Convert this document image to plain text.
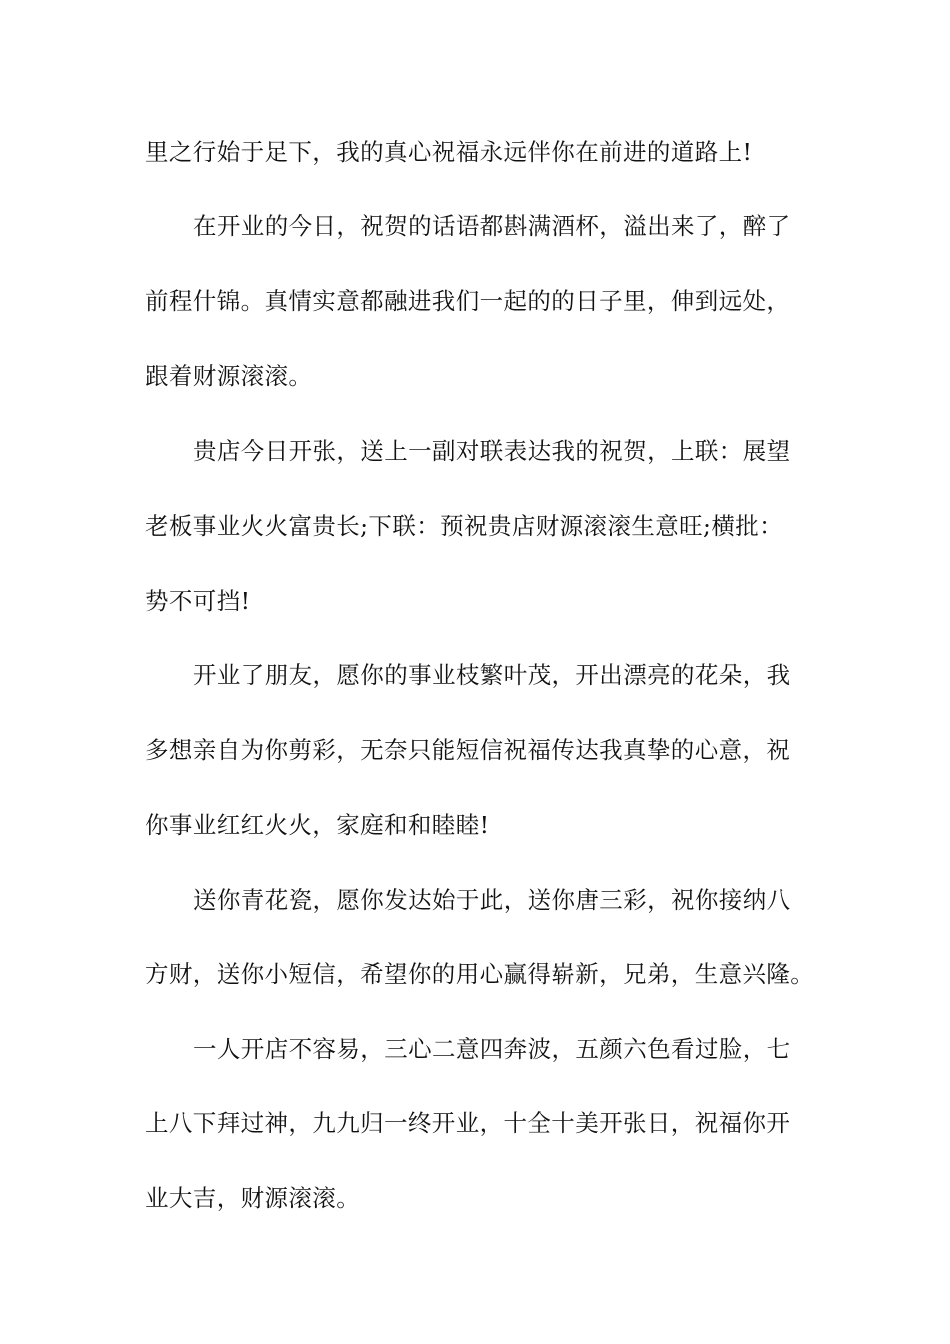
里之行始于足下，我的真心祝福永远伴你在前进的道路上!
在开业的今日，祝贺的话语都斟满酒杯，溢出来了，醉了
前程什锦。真情实意都融进我们一起的的日子里，伸到远处，
跟着财源滚滚。
贵店今日开张，送上一副对联表达我的祝贺，上联：展望
老板事业火火富贵长;下联：预祝贵店财源滚滚生意旺;横批：
势不可挡!
开业了朋友，愿你的事业枝繁叶茂，开出漂亮的花朵，我
多想亲自为你剪彩，无奈只能短信祝福传达我真挚的心意，祝
你事业红红火火，家庭和和睦睦!
送你青花瓷，愿你发达始于此，送你唐三彩，祝你接纳八
方财，送你小短信，希望你的用心赢得崭新，兄弟，生意兴隆。
一人开店不容易，三心二意四奔波，五颜六色看过脸，七
上八下拜过神，九九归一终开业，十全十美开张日，祝福你开
业大吉，财源滚滚。
